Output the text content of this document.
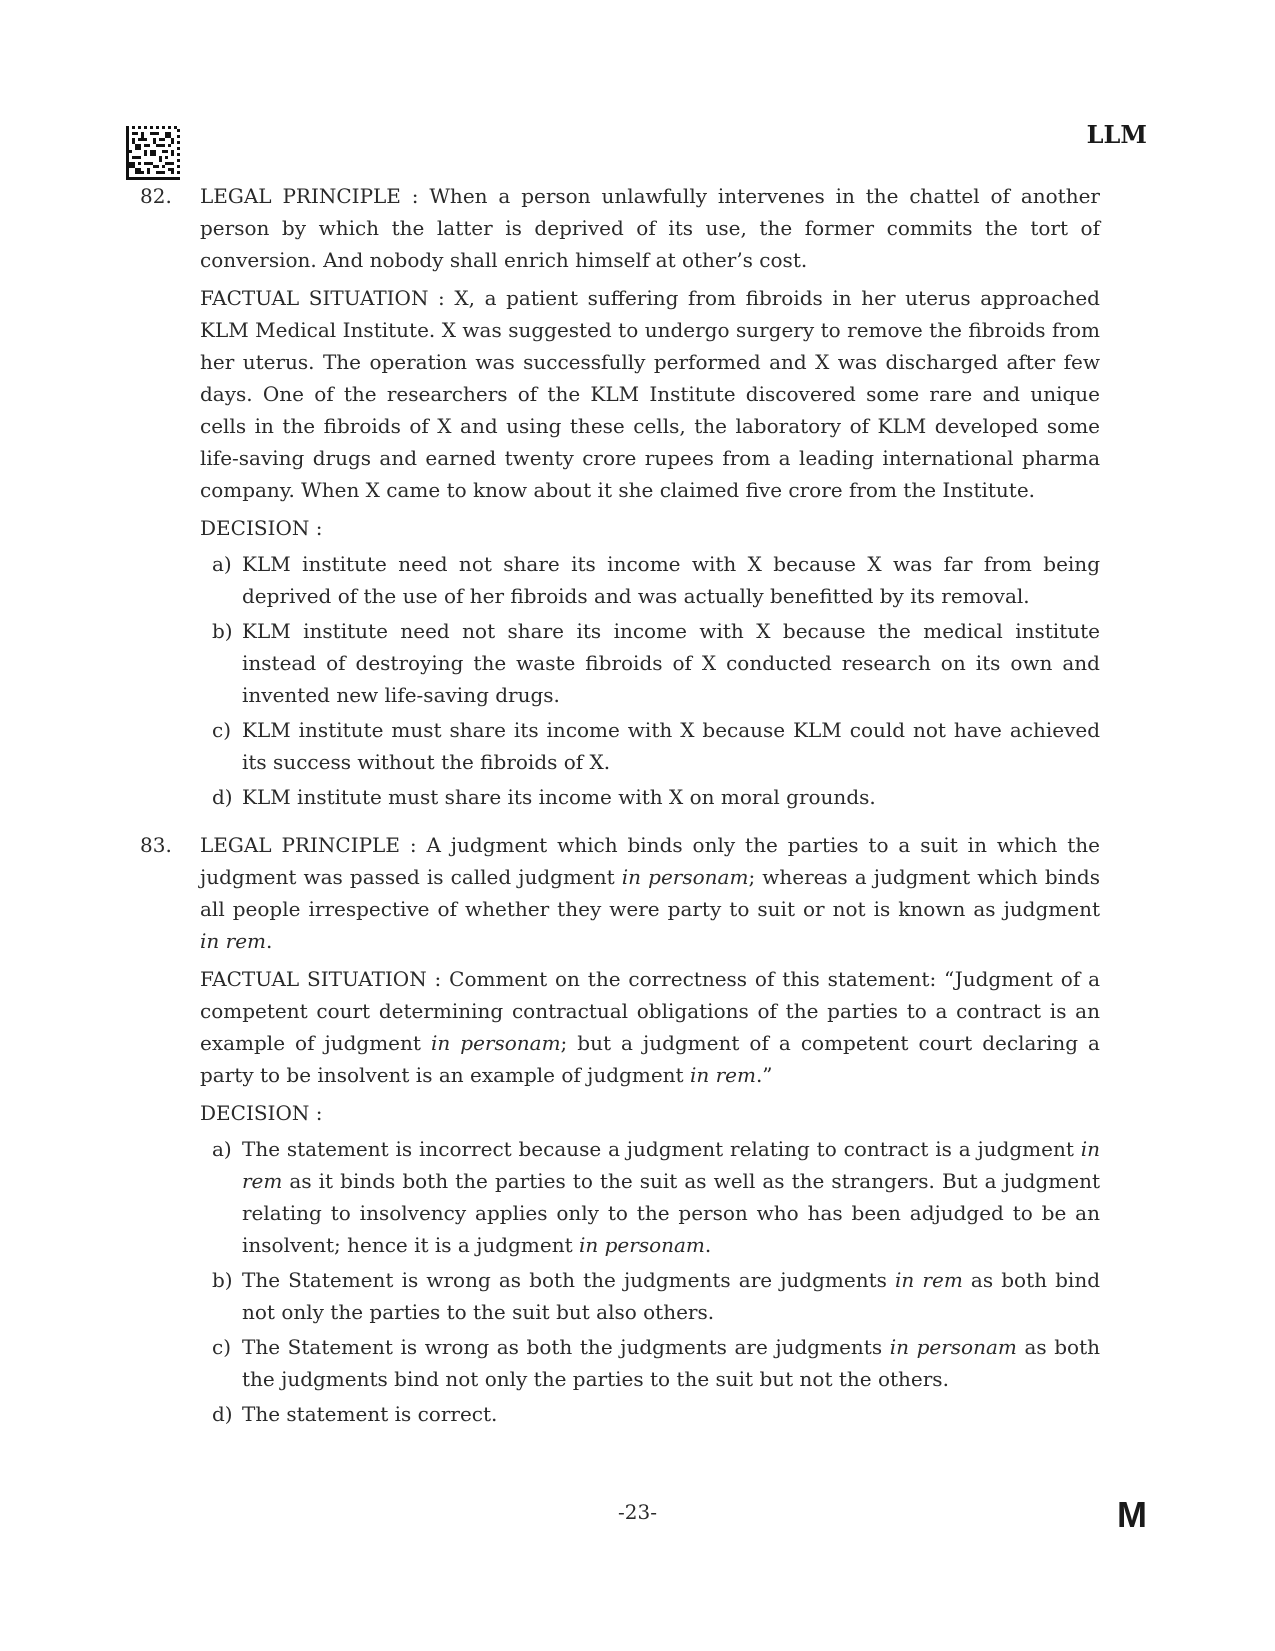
LLM
82. LEGAL PRINCIPLE : When a person unlawfully intervenes in the chattel of another person by which the latter is deprived of its use, the former commits the tort of conversion. And nobody shall enrich himself at other’s cost.

FACTUAL SITUATION : X, a patient suffering from fibroids in her uterus approached KLM Medical Institute. X was suggested to undergo surgery to remove the fibroids from her uterus. The operation was successfully performed and X was discharged after few days. One of the researchers of the KLM Institute discovered some rare and unique cells in the fibroids of X and using these cells, the laboratory of KLM developed some life-saving drugs and earned twenty crore rupees from a leading international pharma company. When X came to know about it she claimed five crore from the Institute.

DECISION :

a) KLM institute need not share its income with X because X was far from being deprived of the use of her fibroids and was actually benefitted by its removal.
b) KLM institute need not share its income with X because the medical institute instead of destroying the waste fibroids of X conducted research on its own and invented new life-saving drugs.
c) KLM institute must share its income with X because KLM could not have achieved its success without the fibroids of X.
d) KLM institute must share its income with X on moral grounds.
83. LEGAL PRINCIPLE : A judgment which binds only the parties to a suit in which the judgment was passed is called judgment in personam; whereas a judgment which binds all people irrespective of whether they were party to suit or not is known as judgment in rem.

FACTUAL SITUATION : Comment on the correctness of this statement: “Judgment of a competent court determining contractual obligations of the parties to a contract is an example of judgment in personam; but a judgment of a competent court declaring a party to be insolvent is an example of judgment in rem.”

DECISION :

a) The statement is incorrect because a judgment relating to contract is a judgment in rem as it binds both the parties to the suit as well as the strangers. But a judgment relating to insolvency applies only to the person who has been adjudged to be an insolvent; hence it is a judgment in personam.
b) The Statement is wrong as both the judgments are judgments in rem as both bind not only the parties to the suit but also others.
c) The Statement is wrong as both the judgments are judgments in personam as both the judgments bind not only the parties to the suit but not the others.
d) The statement is correct.
-23-	M
